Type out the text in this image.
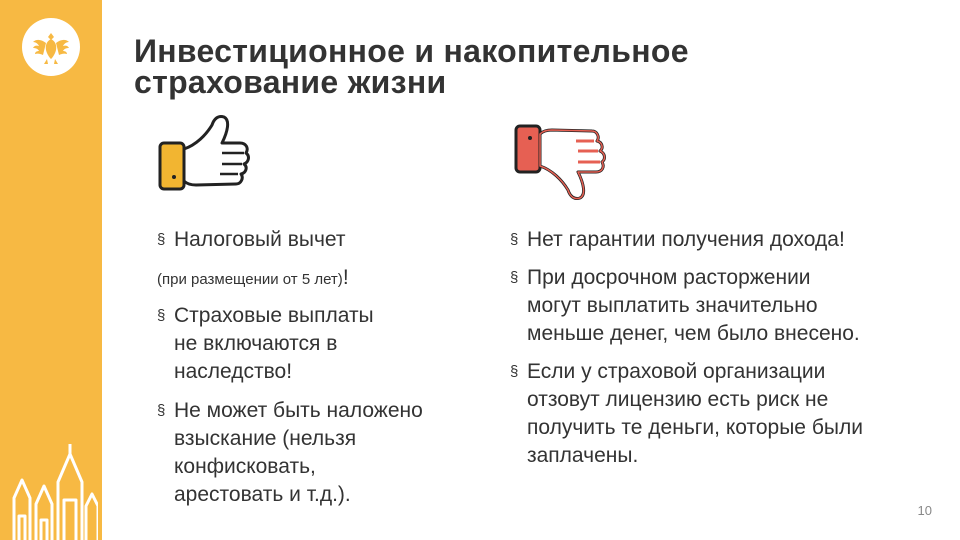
Инвестиционное и накопительное
страхование жизни
§ Налоговый вычет
(при размещении от 5 лет)!
§ Страховые выплаты
не включаются в
наследство!
§ Не может быть наложено
взыскание (нельзя
конфисковать,
арестовать и т.д.).
§ Нет гарантии получения дохода!
§ При досрочном расторжении
могут выплатить значительно
меньше денег, чем было внесено.
§ Если у страховой организации
отзовут лицензию есть риск не
получить те деньги, которые были
заплачены.
10
